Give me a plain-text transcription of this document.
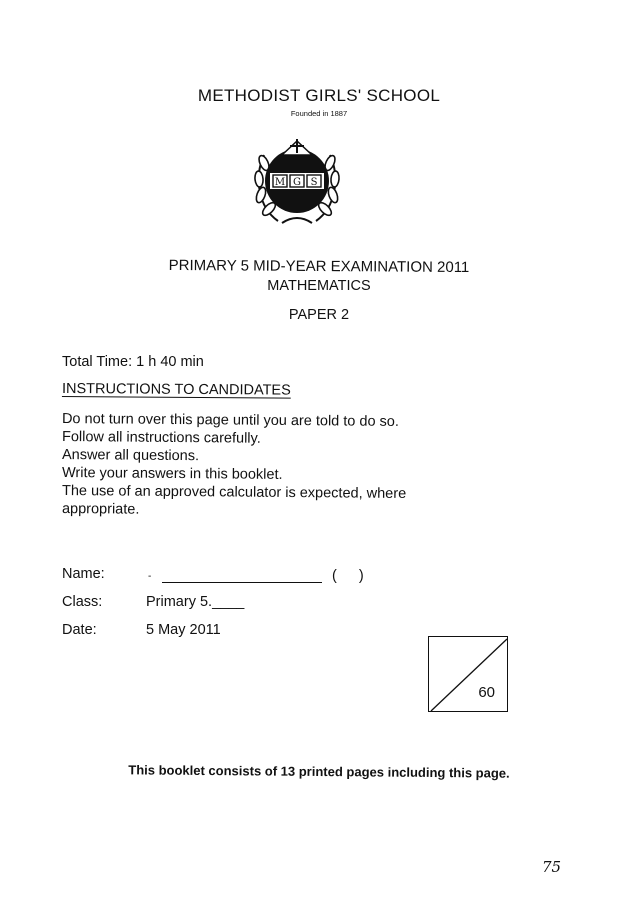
METHODIST GIRLS' SCHOOL
Founded in 1887
M G S
PRIMARY 5 MID-YEAR EXAMINATION 2011
MATHEMATICS
PAPER 2
Total Time: 1 h 40 min
INSTRUCTIONS TO CANDIDATES
Do not turn over this page until you are told to do so.
Follow all instructions carefully.
Answer all questions.
Write your answers in this booklet.
The use of an approved calculator is expected, where
appropriate.
Name:	-	( )
Class:	Primary 5.____
Date:	5 May 2011
60
This booklet consists of 13 printed pages including this page.
75
